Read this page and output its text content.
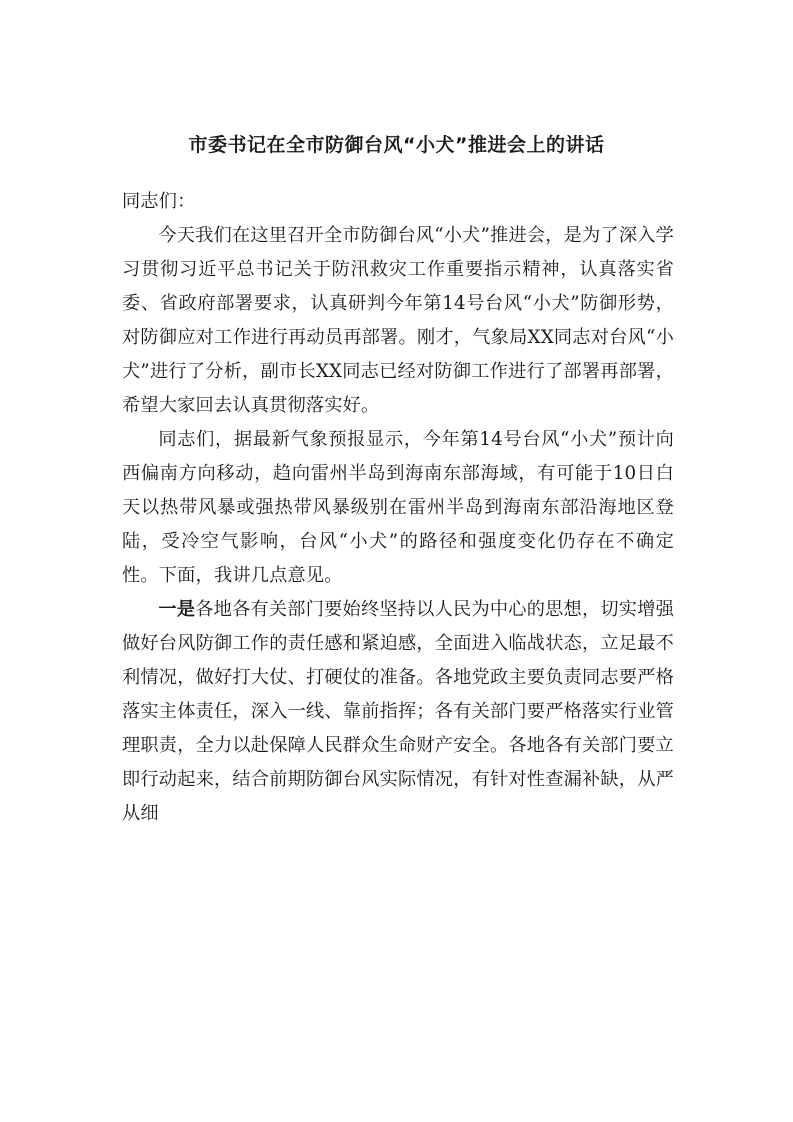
市委书记在全市防御台风“小犬”推进会上的讲话

同志们：

今天我们在这里召开全市防御台风“小犬”推进会，是为了深入学习贯彻习近平总书记关于防汛救灾工作重要指示精神，认真落实省委、省政府部署要求，认真研判今年第14号台风“小犬”防御形势，对防御应对工作进行再动员再部署。刚才，气象局XX同志对台风“小犬”进行了分析，副市长XX同志已经对防御工作进行了部署再部署，希望大家回去认真贯彻落实好。

同志们，据最新气象预报显示，今年第14号台风“小犬”预计向西偏南方向移动，趋向雷州半岛到海南东部海域，有可能于10日白天以热带风暴或强热带风暴级别在雷州半岛到海南东部沿海地区登陆，受冷空气影响，台风“小犬”的路径和强度变化仍存在不确定性。下面，我讲几点意见。

一是各地各有关部门要始终坚持以人民为中心的思想，切实增强做好台风防御工作的责任感和紧迫感，全面进入临战状态，立足最不利情况，做好打大仗、打硬仗的准备。各地党政主要负责同志要严格落实主体责任，深入一线、靠前指挥；各有关部门要严格落实行业管理职责，全力以赴保障人民群众生命财产安全。各地各有关部门要立即行动起来，结合前期防御台风实际情况，有针对性查漏补缺，从严从细
